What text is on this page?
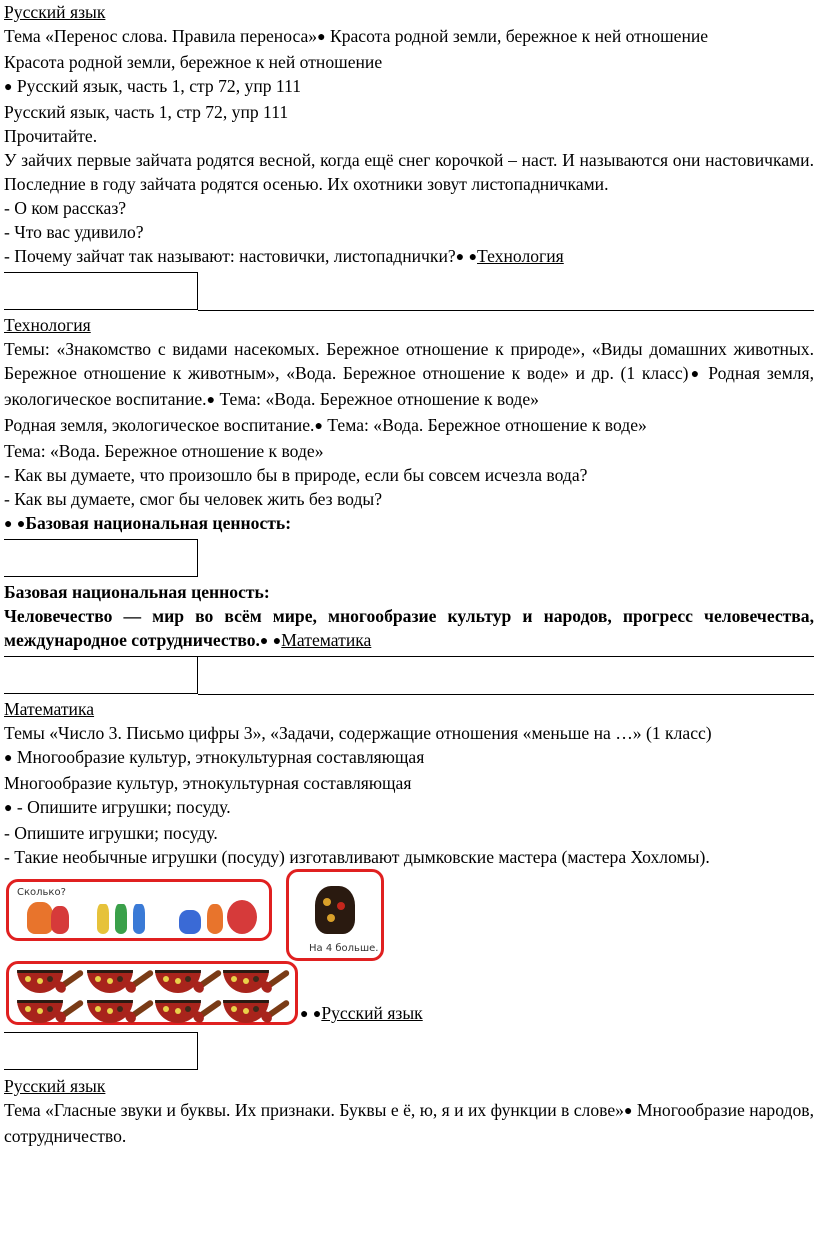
Русский язык

Тема «Перенос слова. Правила переноса»● Красота родной земли, бережное к ней отношение

Красота родной земли, бережное к ней отношение

● Русский язык, часть 1, стр 72, упр 111

Русский язык, часть 1, стр 72, упр 111

Прочитайте.

У зайчих первые зайчата родятся весной, когда ещё снег корочкой – наст. И называются они настовичками. Последние в году зайчата родятся осенью. Их охотники зовут листопадничками.

- О ком рассказ?

- Что вас удивило?

- Почему зайчат так называют: настовички, листопаднички?● ●Технология

Технология

Темы: «Знакомство с видами насекомых. Бережное отношение к природе», «Виды домашних животных. Бережное отношение к животным», «Вода. Бережное отношение к воде» и др. (1 класс)● Родная земля, экологическое воспитание.● Тема: «Вода. Бережное отношение к воде»

Родная земля, экологическое воспитание.● Тема: «Вода. Бережное отношение к воде»

Тема: «Вода. Бережное отношение к воде»

- Как вы думаете, что произошло бы в природе, если бы совсем исчезла вода?

- Как вы думаете, смог бы человек жить без воды?

● ●Базовая национальная ценность:

Базовая национальная ценность:

Человечество — мир во всём мире, многообразие культур и народов, прогресс человечества, международное сотрудничество.● ●Математика

Математика

Темы «Число 3. Письмо цифры 3», «Задачи, содержащие отношения «меньше на …» (1 класс)

● Многообразие культур, этнокультурная составляющая

Многообразие культур, этнокультурная составляющая

● - Опишите игрушки; посуду.

- Опишите игрушки; посуду.

- Такие необычные игрушки (посуду) изготавливают дымковские мастера (мастера Хохломы).

Сколько?
На 4 больше.

● ●Русский язык

Русский язык

Тема «Гласные звуки и буквы. Их признаки. Буквы е ё, ю, я и их функции в слове»● Многообразие народов, сотрудничество.
